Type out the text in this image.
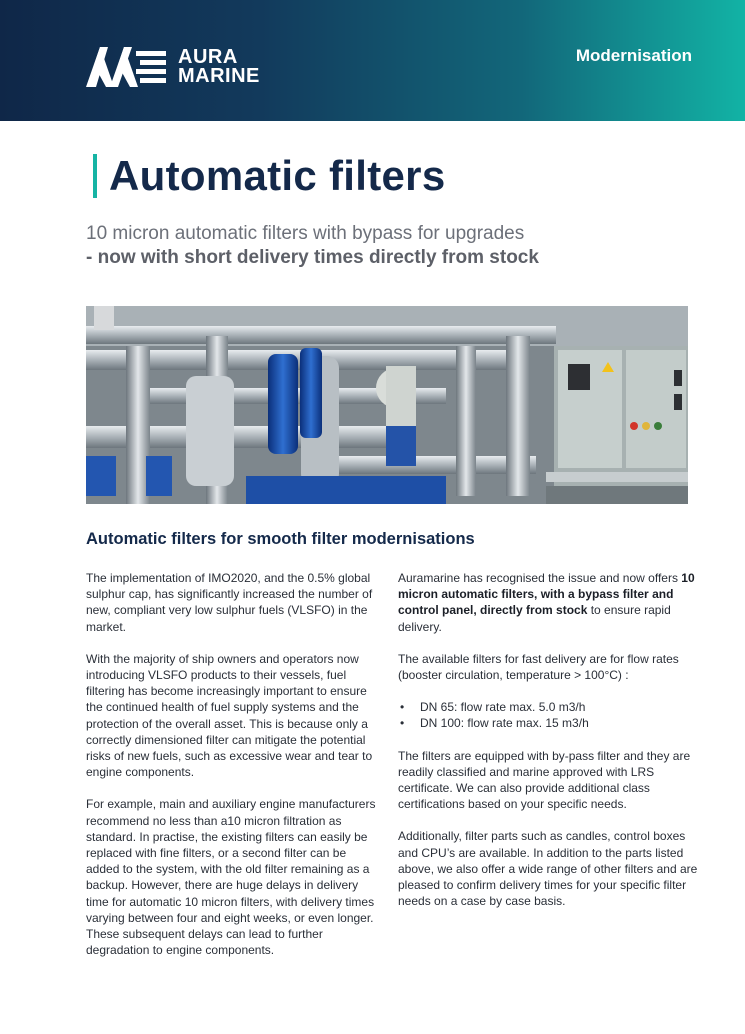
AURA
MARINE
Modernisation
Automatic filters
10 micron automatic filters with bypass for upgrades
- now with short delivery times directly from stock
Automatic filters for smooth filter modernisations

The implementation of IMO2020, and the 0.5% global sulphur cap, has significantly increased the number of new, compliant very low sulphur fuels (VLSFO) in the market.

With the majority of ship owners and operators now introducing VLSFO products to their vessels, fuel filtering has become increasingly important to ensure the continued health of fuel supply systems and the protection of the overall asset. This is because only a correctly dimensioned filter can mitigate the potential risks of new fuels, such as excessive wear and tear to engine components.

For example, main and auxiliary engine manufacturers recommend no less than a10 micron filtration as standard. In practise, the existing filters can easily be replaced with fine filters, or a second filter can be added to the system, with the old filter remaining as a backup. However, there are huge delays in delivery time for automatic 10 micron filters, with delivery times varying between four and eight weeks, or even longer. These subsequent delays can lead to further degradation to engine components.

Auramarine has recognised the issue and now offers 10 micron automatic filters, with a bypass filter and control panel, directly from stock to ensure rapid delivery.

The available filters for fast delivery are for flow rates (booster circulation, temperature > 100°C) :

•	DN 65: flow rate max. 5.0 m3/h
•	DN 100: flow rate max. 15 m3/h

The filters are equipped with by-pass filter and they are readily classified and marine approved with LRS certificate. We can also provide additional class certifications based on your specific needs.

Additionally, filter parts such as candles, control boxes and CPU’s are available. In addition to the parts listed above, we also offer a wide range of other filters and are pleased to confirm delivery times for your specific filter needs on a case by case basis.
